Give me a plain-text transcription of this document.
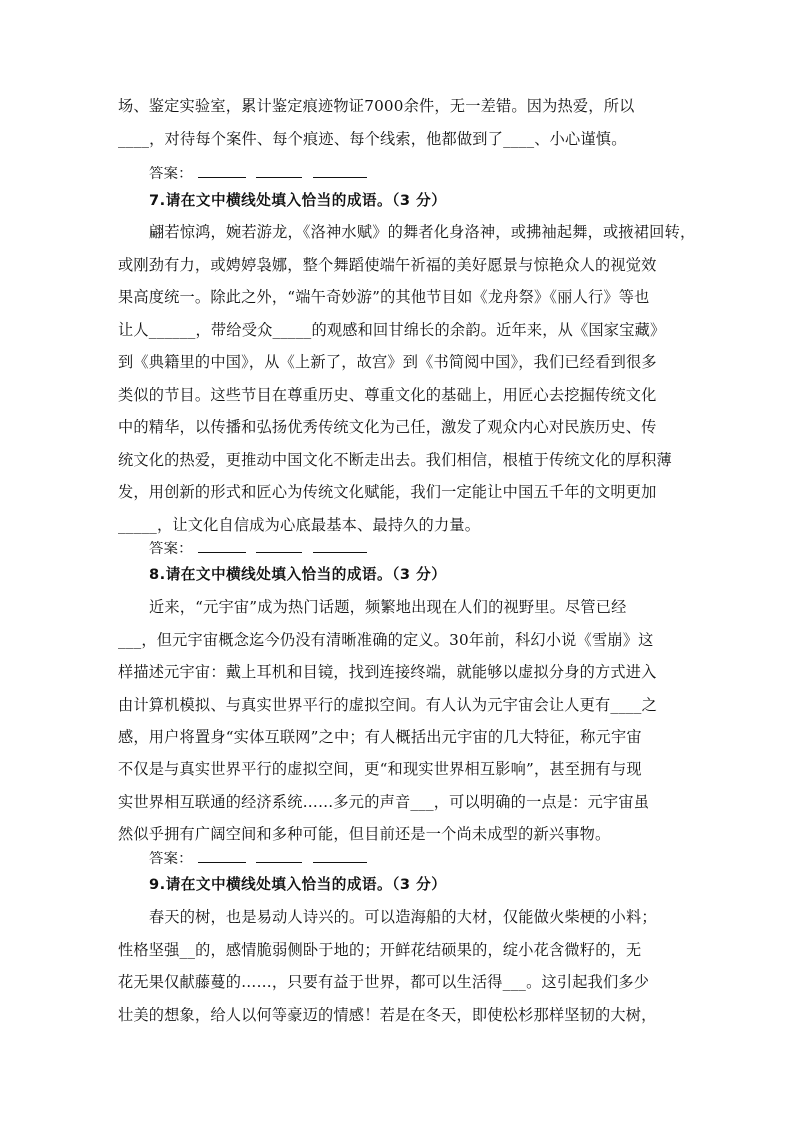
场、鉴定实验室，累计鉴定痕迹物证7000余件，无一差错。因为热爱，所以
____，对待每个案件、每个痕迹、每个线索，他都做到了____、小心谨慎。
答案：
7.请在文中横线处填入恰当的成语。（3 分）
翩若惊鸿，婉若游龙，《洛神水赋》的舞者化身洛神，或拂袖起舞，或掖裙回转，
或刚劲有力，或娉婷袅娜，整个舞蹈使端午祈福的美好愿景与惊艳众人的视觉效
果高度统一。除此之外，“端午奇妙游”的其他节目如《龙舟祭》《丽人行》等也
让人______，带给受众_____的观感和回甘绵长的余韵。近年来，从《国家宝藏》
到《典籍里的中国》，从《上新了，故宫》到《书简阅中国》，我们已经看到很多
类似的节目。这些节目在尊重历史、尊重文化的基础上，用匠心去挖掘传统文化
中的精华，以传播和弘扬优秀传统文化为己任，激发了观众内心对民族历史、传
统文化的热爱，更推动中国文化不断走出去。我们相信，根植于传统文化的厚积薄
发，用创新的形式和匠心为传统文化赋能，我们一定能让中国五千年的文明更加
_____，让文化自信成为心底最基本、最持久的力量。
答案：
8.请在文中横线处填入恰当的成语。（3 分）
近来，“元宇宙”成为热门话题，频繁地出现在人们的视野里。尽管已经
___，但元宇宙概念迄今仍没有清晰准确的定义。30年前，科幻小说《雪崩》这
样描述元宇宙：戴上耳机和目镜，找到连接终端，就能够以虚拟分身的方式进入
由计算机模拟、与真实世界平行的虚拟空间。有人认为元宇宙会让人更有____之
感，用户将置身“实体互联网”之中；有人概括出元宇宙的几大特征，称元宇宙
不仅是与真实世界平行的虚拟空间，更“和现实世界相互影响”，甚至拥有与现
实世界相互联通的经济系统……多元的声音___，可以明确的一点是：元宇宙虽
然似乎拥有广阔空间和多种可能，但目前还是一个尚未成型的新兴事物。
答案：
9.请在文中横线处填入恰当的成语。（3 分）
春天的树，也是易动人诗兴的。可以造海船的大材，仅能做火柴梗的小料；
性格坚强__的，感情脆弱侧卧于地的；开鲜花结硕果的，绽小花含微籽的，无
花无果仅献藤蔓的……，只要有益于世界，都可以生活得___。这引起我们多少
壮美的想象，给人以何等豪迈的情感！若是在冬天，即使松杉那样坚韧的大树，
